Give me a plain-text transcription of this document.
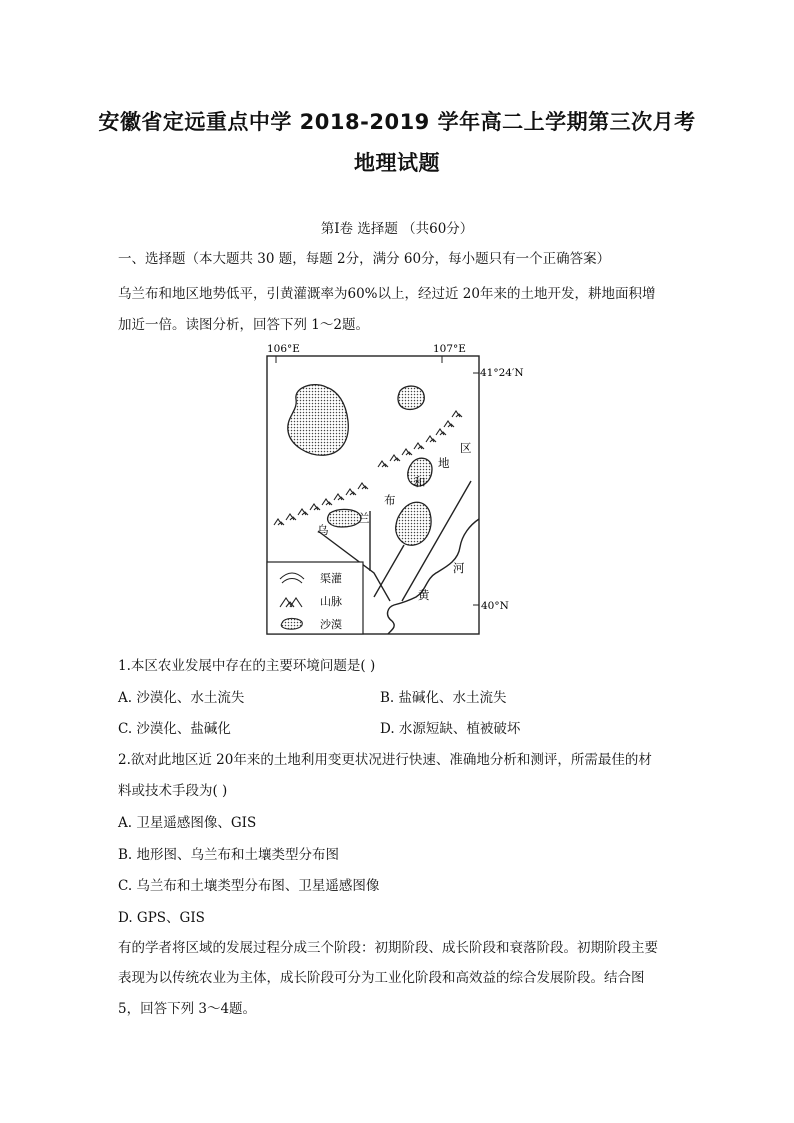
安徽省定远重点中学 2018-2019 学年高二上学期第三次月考
地理试题
第Ⅰ卷 选择题 （共60分）
一、选择题（本大题共 30 题，每题 2分，满分 60分，每小题只有一个正确答案）
乌兰布和地区地势低平，引黄灌溉率为60%以上，经过近 20年来的土地开发，耕地面积增
加近一倍。读图分析，回答下列 1～2题。
106°E	107°E
41°24′N
40°N
乌
兰
布
和
地
区
黄
河
渠灌
山脉
沙漠
1.本区农业发展中存在的主要环境问题是( )
A. 沙漠化、水土流失	B. 盐碱化、水土流失
C. 沙漠化、盐碱化	D. 水源短缺、植被破坏
2.欲对此地区近 20年来的土地利用变更状况进行快速、准确地分析和测评，所需最佳的材
料或技术手段为( )
A. 卫星遥感图像、GIS
B. 地形图、乌兰布和土壤类型分布图
C. 乌兰布和土壤类型分布图、卫星遥感图像
D. GPS、GIS
有的学者将区域的发展过程分成三个阶段：初期阶段、成长阶段和衰落阶段。初期阶段主要
表现为以传统农业为主体，成长阶段可分为工业化阶段和高效益的综合发展阶段。结合图
5，回答下列 3～4题。
